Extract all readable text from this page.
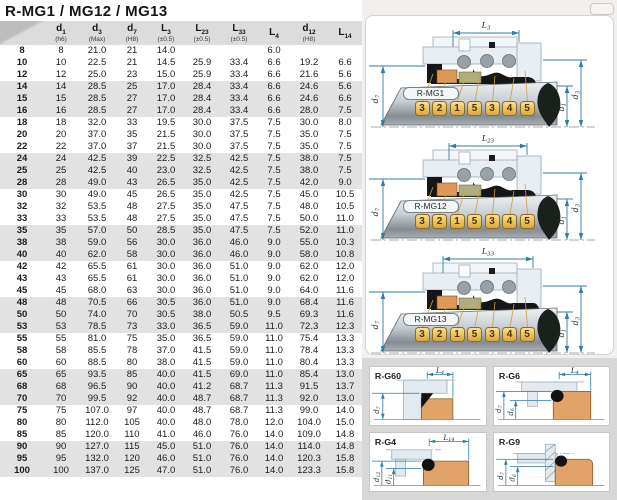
R-MG1 / MG12 / MG13
	$d_1$
(h6)	$d_3$
(Max)	$d_7$
(H8)	$L_3$
(±0.5)	$L_{23}$
(±0.5)	$L_{33}$
(±0.5)	$L_4$	$d_{12}$
(H8)	$L_{14}$

8	8	21.0	21	14.0			6.0		
10	10	22.5	21	14.5	25.9	33.4	6.6	19.2	6.6
12	12	25.0	23	15.0	25.9	33.4	6.6	21.6	5.6
14	14	28.5	25	17.0	28.4	33.4	6.6	24.6	5.6
15	15	28.5	27	17.0	28.4	33.4	6.6	24.6	6.6
16	16	28.5	27	17.0	28.4	33.4	6.6	28.0	7.5
18	18	32.0	33	19.5	30.0	37.5	7.5	30.0	8.0
20	20	37.0	35	21.5	30.0	37.5	7.5	35.0	7.5
22	22	37.0	37	21.5	30.0	37.5	7.5	35.0	7.5
24	24	42.5	39	22.5	32.5	42.5	7.5	38.0	7.5
25	25	42.5	40	23.0	32.5	42.5	7.5	38.0	7.5
28	28	49.0	43	26.5	35.0	42.5	7.5	42.0	9.0
30	30	49.0	45	26.5	35.0	42.5	7.5	45.0	10.5
32	32	53.5	48	27.5	35.0	47.5	7.5	48.0	10.5
33	33	53.5	48	27.5	35.0	47.5	7.5	50.0	11.0
35	35	57.0	50	28.5	35.0	47.5	7.5	52.0	11.0
38	38	59.0	56	30.0	36.0	46.0	9.0	55.0	10.3
40	40	62.0	58	30.0	36.0	46.0	9.0	58.0	10.8
42	42	65.5	61	30.0	36.0	51.0	9.0	62.0	12.0
43	43	65.5	61	30.0	36.0	51.0	9.0	62.0	12.0
45	45	68.0	63	30.0	36.0	51.0	9.0	64.0	11.6
48	48	70.5	66	30.5	36.0	51.0	9.0	68.4	11.6
50	50	74.0	70	30.5	38.0	50.5	9.5	69.3	11.6
53	53	78.5	73	33.0	36.5	59.0	11.0	72.3	12.3
55	55	81.0	75	35.0	36.5	59.0	11.0	75.4	13.3
58	58	85.5	78	37.0	41.5	59.0	11.0	78.4	13.3
60	60	88.5	80	38.0	41.5	59.0	11.0	80.4	13.3
65	65	93.5	85	40.0	41.5	69.0	11.0	85.4	13.0
68	68	96.5	90	40.0	41.2	68.7	11.3	91.5	13.7
70	70	99.5	92	40.0	48.7	68.7	11.3	92.0	13.0
75	75	107.0	97	40.0	48.7	68.7	11.3	99.0	14.0
80	80	112.0	105	40.0	48.0	78.0	12.0	104.0	15.0
85	85	120.0	110	41.0	46.0	76.0	14.0	109.0	14.8
90	90	127.0	115	45.0	51.0	76.0	14.0	114.0	14.8
95	95	132.0	120	46.0	51.0	76.0	14.0	120.3	15.8
100	100	137.0	125	47.0	51.0	76.0	14.0	123.3	15.8
L3
d7
d1
d3
R-MG1
3	2	1	5	3	4	5
L23
d7
d1
d3
R-MG12
3	2	1	5	3	4	5
L33
d7
d1
d3
R-MG13
3	2	1	5	3	4	5
R-G60
L4
d7
R-G6
L4
d7
d6
R-G4	L14
d12
d11
R-G9
d7
d6
